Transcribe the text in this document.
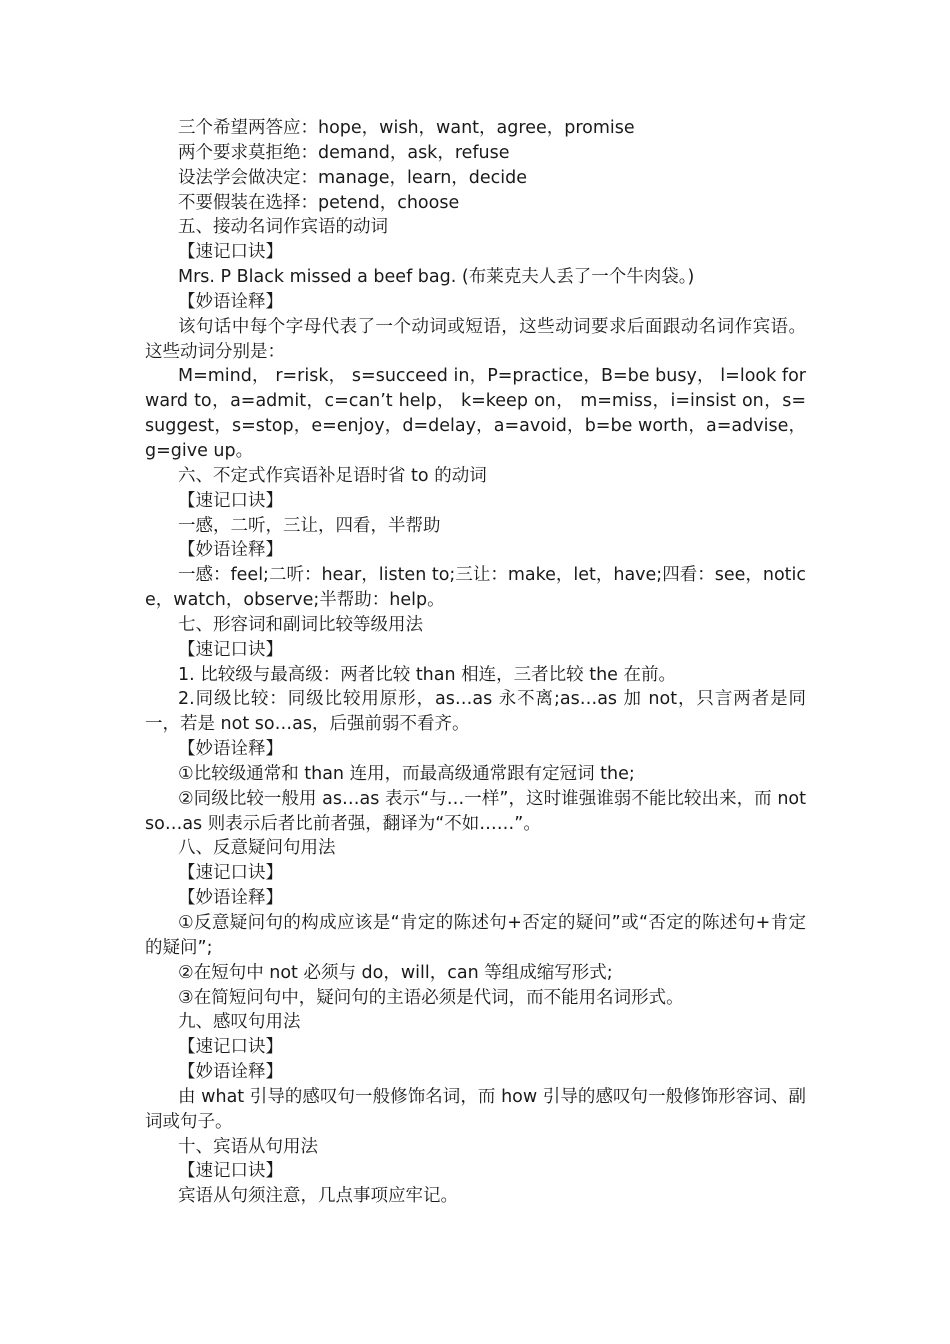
三个希望两答应：hope，wish，want，agree，promise

两个要求莫拒绝：demand，ask，refuse

设法学会做决定：manage，learn，decide

不要假装在选择：petend，choose

五、接动名词作宾语的动词

【速记口诀】

Mrs. P Black missed a beef bag. (布莱克夫人丢了一个牛肉袋。)

【妙语诠释】

该句话中每个字母代表了一个动词或短语，这些动词要求后面跟动名词作宾语。这些动词分别是：

M=mind， r=risk， s=succeed in，P=practice，B=be busy， l=look forward to，a=admit，c=can’t help， k=keep on， m=miss，i=insist on，s=suggest，s=stop，e=enjoy，d=delay，a=avoid，b=be worth，a=advise，g=give up。

六、不定式作宾语补足语时省 to 的动词

【速记口诀】

一感，二听，三让，四看，半帮助

【妙语诠释】

一感：feel;二听：hear，listen to;三让：make，let，have;四看：see，notice，watch，observe;半帮助：help。

七、形容词和副词比较等级用法

【速记口诀】

1. 比较级与最高级：两者比较 than 相连，三者比较 the 在前。

2.同级比较：同级比较用原形，as…as 永不离;as…as 加 not，只言两者是同一，若是 not so…as，后强前弱不看齐。

【妙语诠释】

①比较级通常和 than 连用，而最高级通常跟有定冠词 the;

②同级比较一般用 as…as 表示“与…一样”，这时谁强谁弱不能比较出来，而 not so…as 则表示后者比前者强，翻译为“不如……”。

八、反意疑问句用法

【速记口诀】

【妙语诠释】

①反意疑问句的构成应该是“肯定的陈述句+否定的疑问”或“否定的陈述句+肯定的疑问”;

②在短句中 not 必须与 do，will，can 等组成缩写形式;

③在简短问句中，疑问句的主语必须是代词，而不能用名词形式。

九、感叹句用法

【速记口诀】

【妙语诠释】

由 what 引导的感叹句一般修饰名词，而 how 引导的感叹句一般修饰形容词、副词或句子。

十、宾语从句用法

【速记口诀】

宾语从句须注意，几点事项应牢记。
